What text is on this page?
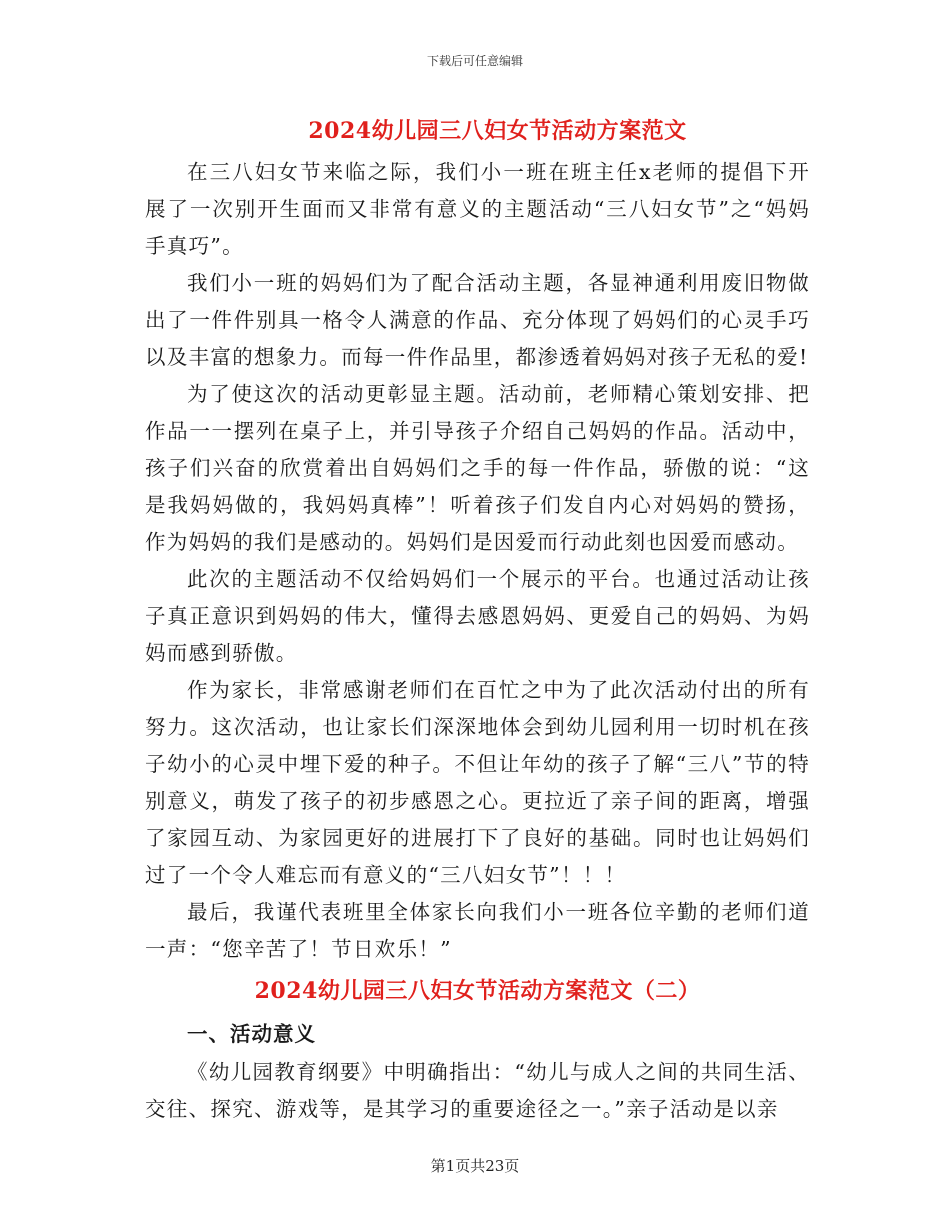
下载后可任意编辑
2024幼儿园三八妇女节活动方案范文

在三八妇女节来临之际，我们小一班在班主任x老师的提倡下开展了一次别开生面而又非常有意义的主题活动“三八妇女节”之“妈妈手真巧”。

我们小一班的妈妈们为了配合活动主题，各显神通利用废旧物做出了一件件别具一格令人满意的作品、充分体现了妈妈们的心灵手巧以及丰富的想象力。而每一件作品里，都渗透着妈妈对孩子无私的爱!

为了使这次的活动更彰显主题。活动前，老师精心策划安排、把作品一一摆列在桌子上，并引导孩子介绍自己妈妈的作品。活动中，孩子们兴奋的欣赏着出自妈妈们之手的每一件作品，骄傲的说：“这是我妈妈做的，我妈妈真棒”！听着孩子们发自内心对妈妈的赞扬，作为妈妈的我们是感动的。妈妈们是因爱而行动此刻也因爱而感动。

此次的主题活动不仅给妈妈们一个展示的平台。也通过活动让孩子真正意识到妈妈的伟大，懂得去感恩妈妈、更爱自己的妈妈、为妈妈而感到骄傲。

作为家长，非常感谢老师们在百忙之中为了此次活动付出的所有努力。这次活动，也让家长们深深地体会到幼儿园利用一切时机在孩子幼小的心灵中埋下爱的种子。不但让年幼的孩子了解“三八”节的特别意义，萌发了孩子的初步感恩之心。更拉近了亲子间的距离，增强了家园互动、为家园更好的进展打下了良好的基础。同时也让妈妈们过了一个令人难忘而有意义的“三八妇女节”！！！

最后，我谨代表班里全体家长向我们小一班各位辛勤的老师们道一声：“您辛苦了！节日欢乐！”

2024幼儿园三八妇女节活动方案范文（二）

一、活动意义

《幼儿园教育纲要》中明确指出：“幼儿与成人之间的共同生活、交往、探究、游戏等，是其学习的重要途径之一。”亲子活动是以亲

第1页共23页
